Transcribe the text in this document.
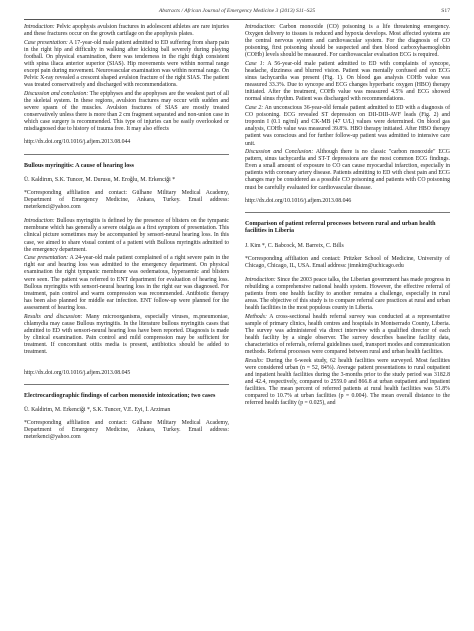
Abstracts / African Journal of Emergency Medicine 3 (2013) S11–S25	S17

Introduction: Pelvic apophysis avulsion fractures in adolescent athletes are rare injuries and these fractures occur on the growth cartilage on the apophysis plates.

Case presentation: A 17-year-old male patient admitted to ED suffering from sharp pain in the right hip and difficulty in walking after kicking ball severely during playing football. On physical examination, there was tenderness in the right thigh consistent with spina iliaca anterior superior (SIAS). Hip movements were within normal range except pain during movement. Neurovascular examination was within normal range. On Pelvic X-ray revealed a crescent shaped avulsion fracture of the right SIAS. The patient was treated conservatively and discharged with recommendations.

Discussion and conclusion: The epiphyses and the apophyses are the weakest part of all the skeletal system. In these regions, avulsion fractures may occur with sudden and severe spasm of the muscles. Avulsion fractures of SIAS are mostly treated conservatively unless there is more than 2 cm fragment separated and non-union case in which case surgery is recommended. This type of injuries can be easily overlooked or misdiagnosed due to history of trauma free. It may also effects

http://dx.doi.org/10.1016/j.afjem.2013.08.044

Bullous myringitis: A cause of hearing loss
Ü. Kaldirım, S.K. Tuncer, M. Durusu, M. Eroğlu, M. Erkenciği *

*Corresponding affiliation and contact: Gülhane Military Medical Academy, Department of Emergency Medicine, Ankara, Turkey. Email address: meterkenci@yahoo.com

Introduction: Bullous myringitis is defined by the presence of blisters on the tympanic membrane which has generally a severe otalgia as a first symptom of presentation. This clinical picture sometimes may be accompanied by sensori-neural hearing loss. In this case, we aimed to share visual content of a patient with Bullous myringitis admitted to the emergency department.

Case presentation: A 24-year-old male patient complained of a right severe pain in the right ear and hearing loss was admitted to the emergency department. On physical examination the right tympanic membrane was oedematous, hyperaemic and blisters were seen. The patient was referred to ENT department for evaluation of hearing loss. Bullous myringitis with sensori-neural hearing loss in the right ear was diagnosed. For treatment, pain control and warm compression was recommended. Antibiotic therapy has been also planned for middle ear infection. ENT follow-up were planned for the assessment of hearing loss.

Results and discussion: Many microorganisms, especially viruses, m.pneumoniae, chlamydia may cause Bullous myringitis. In the literature bullous myringitis cases that admitted to ED with sensori-neural hearing loss have been reported. Diagnosis is made by clinical examination. Pain control and mild compression may be sufficient for treatment. If concomitant otitis media is present, antibiotics should be added to treatment.

http://dx.doi.org/10.1016/j.afjem.2013.08.045

Electrocardiographic findings of carbon monoxide intoxication; two cases
Ü. Kaldirim, M. Erkenciği *, S.K. Tuncer, V.E. Eyi, İ. Arziman

*Corresponding affiliation and contact: Gülhane Military Medical Academy, Department of Emergency Medicine, Ankara, Turkey. Email address: meterkenci@yahoo.com

Introduction: Carbon monoxide (CO) poisoning is a life threatening emergency. Oxygen delivery to tissues is reduced and hypoxia develops. Most affected systems are the central nervous system and cardiovascular system. For the diagnosis of CO poisoning, first poisoning should be suspected and then blood carboxyhaemoglobin (COHb) levels should be measured. For cardiovascular evaluation ECG is required.

Case 1: A 56-year-old male patient admitted to ED with complaints of syncope, headache, dizziness and blurred vision. Patient was mentally confused and on ECG sinus tachycardia was present (Fig. 1). On blood gas analysis COHb value was measured 33.3%. Due to syncope and ECG changes hyperbaric oxygen (HBO) therapy initiated. After the treatment, COHb value was measured 4.5% and ECG showed normal sinus rhythm. Patient was discharged with recommendations.

Case 2: An unconscious 36-year-old female patient admitted to ED with a diagnosis of CO poisoning. ECG revealed ST depression on DII-DIII-AVF leads (Fig. 2) and troponin I (0.1 ng/ml) and CK-MB (47 U/L) values were determined. On blood gas analysis, COHb value was measured 39.8%. HBO therapy initiated. After HBO therapy patient was conscious and for further follow-up patient was admitted to intensive care unit.

Discussion and Conclusion: Although there is no classic "carbon monoxide" ECG pattern, sinus tachycardia and ST-T depressions are the most common ECG findings. Even a small amount of exposure to CO can cause myocardial infarction, especially in patients with coronary artery disease. Patients admitting to ED with chest pain and ECG changes may be considered as a possible CO poisoning and patients with CO poisoning must be carefully evaluated for cardiovascular disease.

http://dx.doi.org/10.1016/j.afjem.2013.08.046

Comparison of patient referral processes between rural and urban health facilities in Liberia
J. Kim *, C. Babcock, M. Barreix, C. Bills

*Corresponding affiliation and contact: Pritzker School of Medicine, University of Chicago, Chicago, IL, USA. Email address: jimnkim@uchicago.edu

Introduction: Since the 2003 peace talks, the Liberian government has made progress in rebuilding a comprehensive national health system. However, the effective referral of patients from one health facility to another remains a challenge, especially in rural areas. The objective of this study is to compare referral care practices at rural and urban health facilities in the most populous county in Liberia.

Methods: A cross-sectional health referral survey was conducted at a representative sample of primary clinics, health centres and hospitals in Montserrado County, Liberia. The survey was administered via direct interview with a qualified director of each health facility by a single observer. The survey describes baseline facility data, characteristics of referrals, referral guidelines used, transport modes and communication methods. Referral processes were compared between rural and urban health facilities.

Results: During the 6-week study, 62 health facilities were surveyed. Most facilities were considered urban (n = 52, 84%). Average patient presentations to rural outpatient and inpatient health facilities during the 3-months prior to the study period was 3182.8 and 42.4, respectively, compared to 2559.0 and 866.8 at urban outpatient and inpatient facilities. The mean percent of referred patients at rural health facilities was 51.8% compared to 10.7% at urban facilities (p = 0.004). The mean overall distance to the referred health facility (p = 0.025), and
